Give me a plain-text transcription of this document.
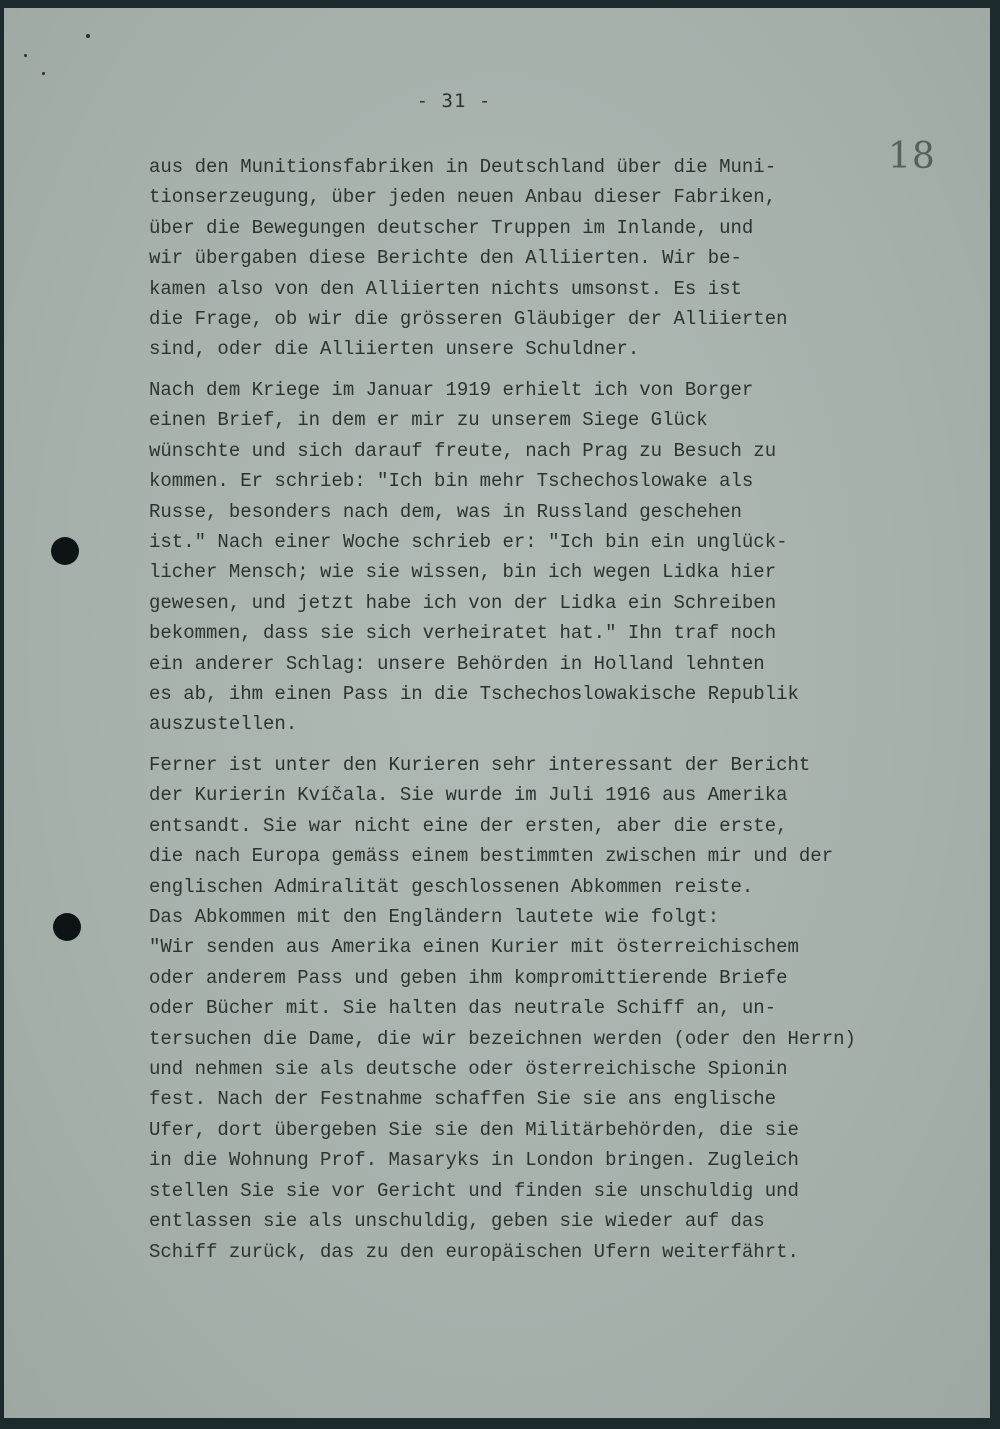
- 31 -
18
aus den Munitionsfabriken in Deutschland über die Muni-
tionserzeugung, über jeden neuen Anbau dieser Fabriken,
über die Bewegungen deutscher Truppen im Inlande, und
wir übergaben diese Berichte den Alliierten. Wir be-
kamen also von den Alliierten nichts umsonst. Es ist
die Frage, ob wir die grösseren Gläubiger der Alliierten
sind, oder die Alliierten unsere Schuldner.
Nach dem Kriege im Januar 1919 erhielt ich von Borger
einen Brief, in dem er mir zu unserem Siege Glück
wünschte und sich darauf freute, nach Prag zu Besuch zu
kommen. Er schrieb: "Ich bin mehr Tschechoslowake als
Russe, besonders nach dem, was in Russland geschehen
ist." Nach einer Woche schrieb er: "Ich bin ein unglück-
licher Mensch; wie sie wissen, bin ich wegen Lidka hier
gewesen, und jetzt habe ich von der Lidka ein Schreiben
bekommen, dass sie sich verheiratet hat." Ihn traf noch
ein anderer Schlag: unsere Behörden in Holland lehnten
es ab, ihm einen Pass in die Tschechoslowakische Republik
auszustellen.
Ferner ist unter den Kurieren sehr interessant der Bericht
der Kurierin Kvíčala. Sie wurde im Juli 1916 aus Amerika
entsandt. Sie war nicht eine der ersten, aber die erste,
die nach Europa gemäss einem bestimmten zwischen mir und der
englischen Admiralität geschlossenen Abkommen reiste.
Das Abkommen mit den Engländern lautete wie folgt:
"Wir senden aus Amerika einen Kurier mit österreichischem
oder anderem Pass und geben ihm kompromittierende Briefe
oder Bücher mit. Sie halten das neutrale Schiff an, un-
tersuchen die Dame, die wir bezeichnen werden (oder den Herrn)
und nehmen sie als deutsche oder österreichische Spionin
fest. Nach der Festnahme schaffen Sie sie ans englische
Ufer, dort übergeben Sie sie den Militärbehörden, die sie
in die Wohnung Prof. Masaryks in London bringen. Zugleich
stellen Sie sie vor Gericht und finden sie unschuldig und
entlassen sie als unschuldig, geben sie wieder auf das
Schiff zurück, das zu den europäischen Ufern weiterfährt.
